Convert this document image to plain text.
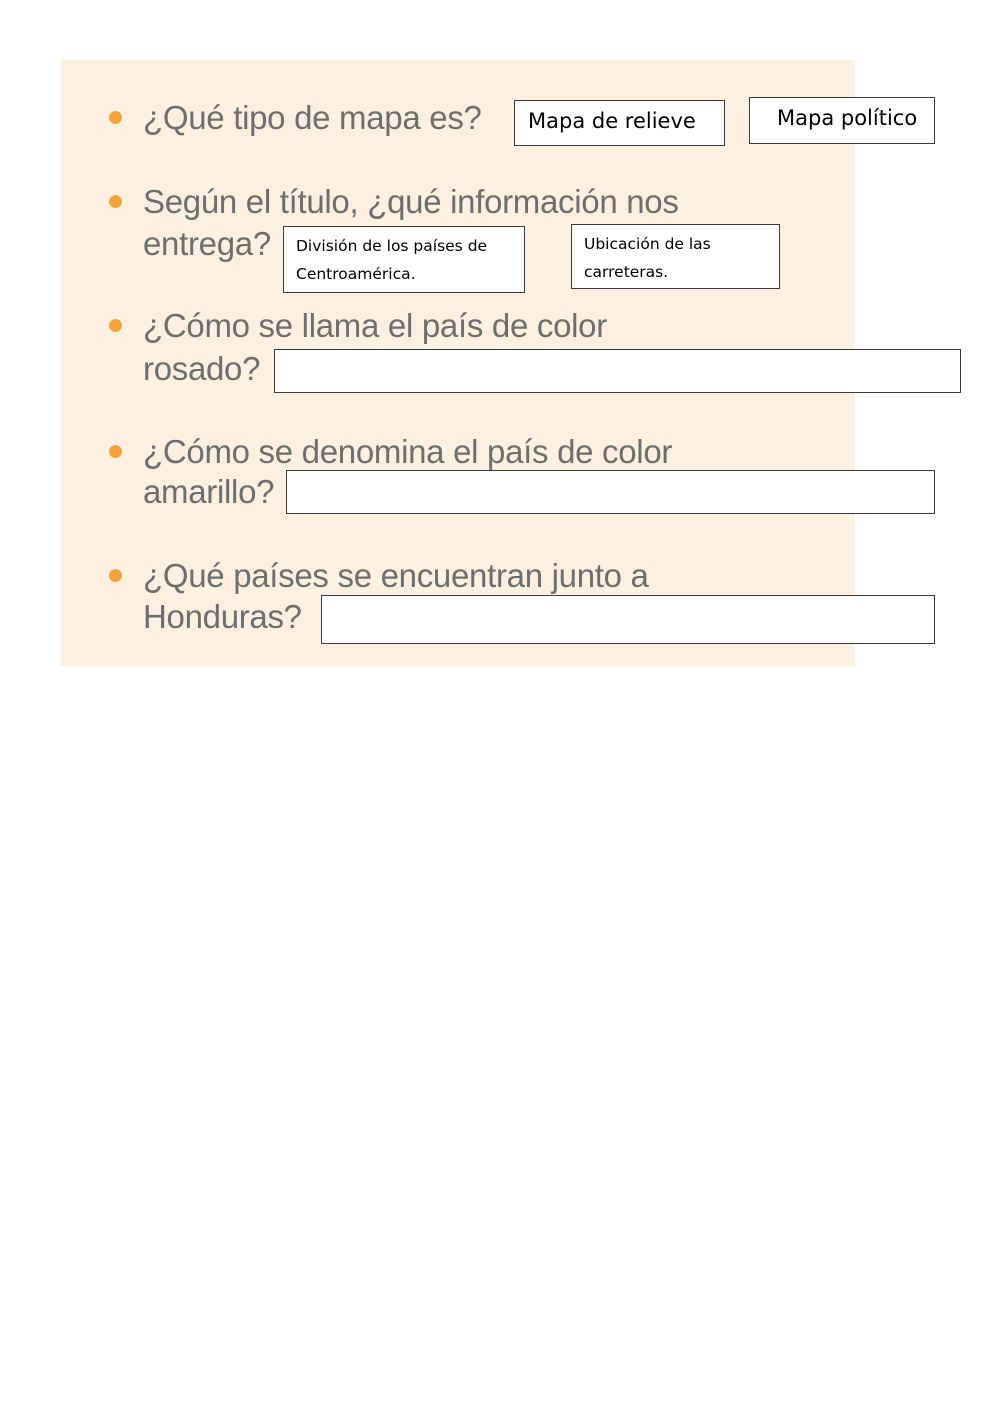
¿Qué tipo de mapa es?	Mapa de relieve	Mapa político
Según el título, ¿qué información nos
entrega?	División de los países de Centroamérica.
Ubicación de las carreteras.
¿Cómo se llama el país de color
rosado?
¿Cómo se denomina el país de color
amarillo?
¿Qué países se encuentran junto a
Honduras?
